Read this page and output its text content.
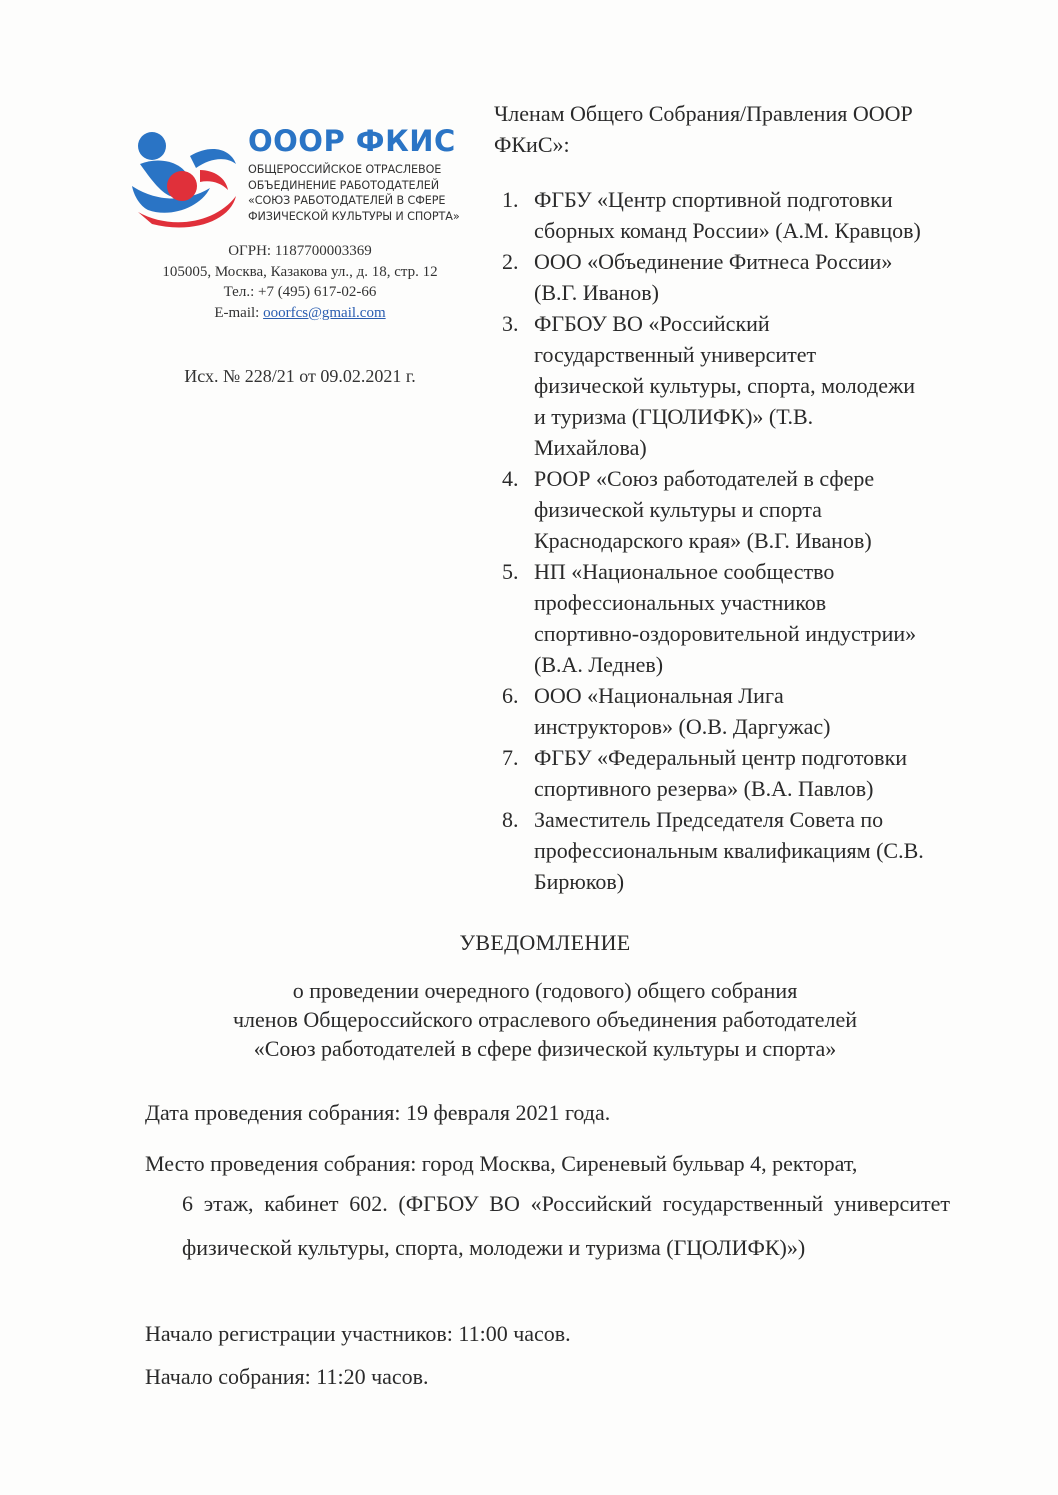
ОООР ФКИС
ОБЩЕРОССИЙСКОЕ ОТРАСЛЕВОЕ
ОБЪЕДИНЕНИЕ РАБОТОДАТЕЛЕЙ
«СОЮЗ РАБОТОДАТЕЛЕЙ В СФЕРЕ
ФИЗИЧЕСКОЙ КУЛЬТУРЫ И СПОРТА»
ОГРН: 1187700003369
105005, Москва, Казакова ул., д. 18, стр. 12
Тел.: +7 (495) 617-02-66
E-mail: ooorfcs@gmail.com
Исх. № 228/21 от 09.02.2021 г.
Членам Общего Собрания/Правления ОООР
ФКиС»:
1. ФГБУ «Центр спортивной подготовки
сборных команд России» (А.М. Кравцов)
2. ООО «Объединение Фитнеса России»
(В.Г. Иванов)
3. ФГБОУ ВО «Российский
государственный университет
физической культуры, спорта, молодежи
и туризма (ГЦОЛИФК)» (Т.В.
Михайлова)
4. РООР «Союз работодателей в сфере
физической культуры и спорта
Краснодарского края» (В.Г. Иванов)
5. НП «Национальное сообщество
профессиональных участников
спортивно-оздоровительной индустрии»
(В.А. Леднев)
6. ООО «Национальная Лига
инструкторов» (О.В. Даргужас)
7. ФГБУ «Федеральный центр подготовки
спортивного резерва» (В.А. Павлов)
8. Заместитель Председателя Совета по
профессиональным квалификациям (С.В.
Бирюков)
УВЕДОМЛЕНИЕ
о проведении очередного (годового) общего собрания
членов Общероссийского отраслевого объединения работодателей
«Союз работодателей в сфере физической культуры и спорта»
Дата проведения собрания: 19 февраля 2021 года.
Место проведения собрания: город Москва, Сиреневый бульвар 4, ректорат,
6 этаж, кабинет 602. (ФГБОУ ВО «Российский государственный университет физической культуры, спорта, молодежи и туризма (ГЦОЛИФК)»)
Начало регистрации участников: 11:00 часов.
Начало собрания: 11:20 часов.
